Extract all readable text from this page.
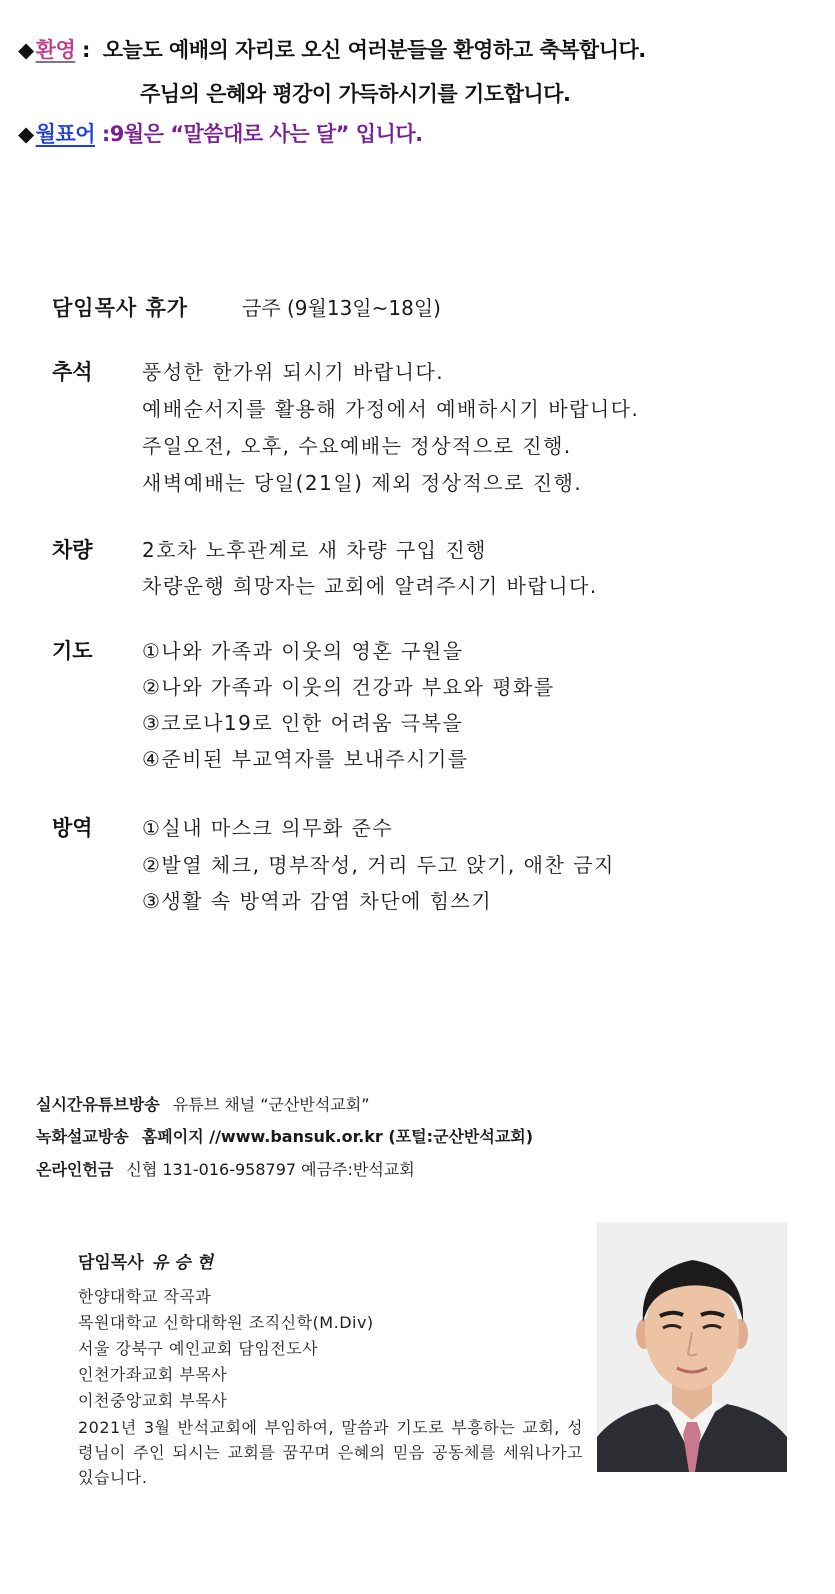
◆환영 : 오늘도 예배의 자리로 오신 여러분들을 환영하고 축복합니다.
주님의 은혜와 평강이 가득하시기를 기도합니다.
◆월표어 :9월은 “말씀대로 사는 달” 입니다.
담임목사 휴가	금주 (9월13일~18일)
추석 풍성한 한가위 되시기 바랍니다.
예배순서지를 활용해 가정에서 예배하시기 바랍니다.
주일오전, 오후, 수요예배는 정상적으로 진행.
새벽예배는 당일(21일) 제외 정상적으로 진행.
차량 2호차 노후관계로 새 차량 구입 진행
차량운행 희망자는 교회에 알려주시기 바랍니다.
기도 ①나와 가족과 이웃의 영혼 구원을
②나와 가족과 이웃의 건강과 부요와 평화를
③코로나19로 인한 어려움 극복을
④준비된 부교역자를 보내주시기를
방역 ①실내 마스크 의무화 준수
②발열 체크, 명부작성, 거리 두고 앉기, 애찬 금지
③생활 속 방역과 감염 차단에 힘쓰기
실시간유튜브방송 유튜브 채널 “군산반석교회”
녹화설교방송 홈페이지 //www.bansuk.or.kr (포털:군산반석교회)
온라인헌금 신협 131-016-958797 예금주:반석교회
담임목사 유승현
한양대학교 작곡과
목원대학교 신학대학원 조직신학(M.Div)
서울 강북구 예인교회 담임전도사
인천가좌교회 부목사
이천중앙교회 부목사
2021년 3월 반석교회에 부임하여, 말씀과 기도로 부흥하는 교회, 성령님이 주인 되시는 교회를 꿈꾸며 은혜의 믿음 공동체를 세워나가고 있습니다.
